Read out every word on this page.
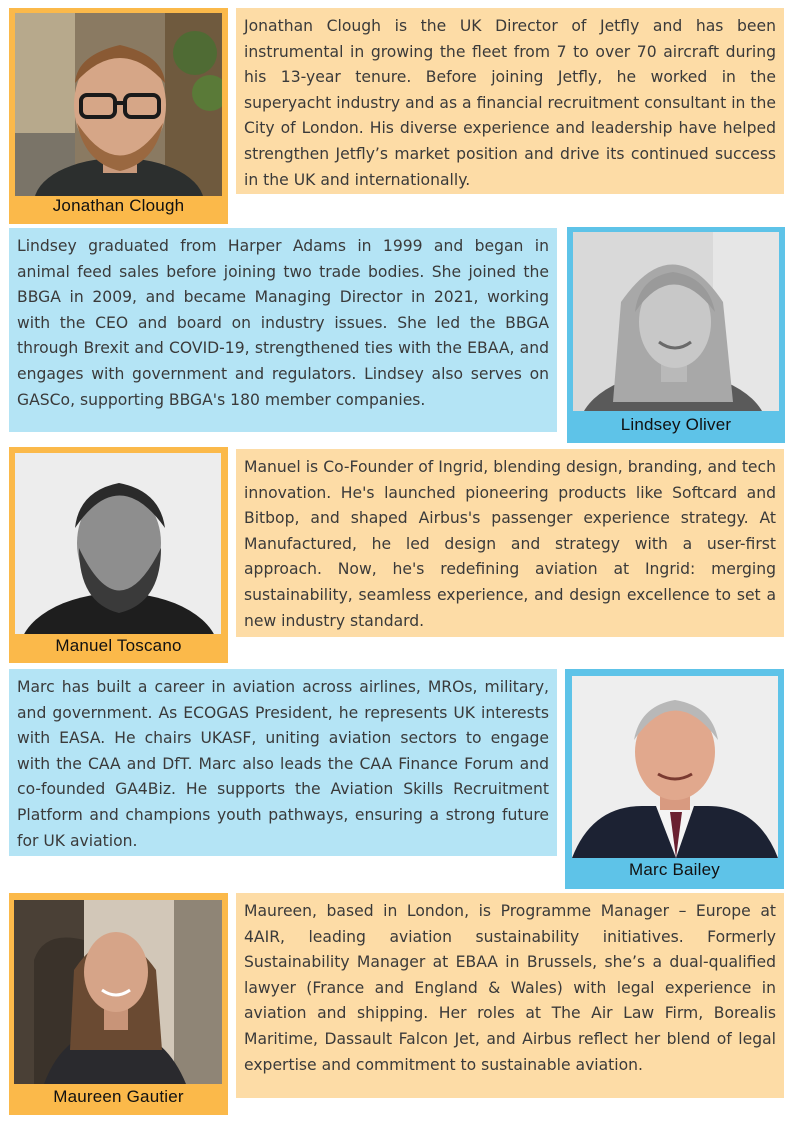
Jonathan Clough
Jonathan Clough is the UK Director of Jetfly and has been instrumental in growing the fleet from 7 to over 70 aircraft during his 13-year tenure. Before joining Jetfly, he worked in the superyacht industry and as a financial recruitment consultant in the City of London. His diverse experience and leadership have helped strengthen Jetfly’s market position and drive its continued success in the UK and internationally.
Lindsey graduated from Harper Adams in 1999 and began in animal feed sales before joining two trade bodies. She joined the BBGA in 2009, and became Managing Director in 2021, working with the CEO and board on industry issues. She led the BBGA through Brexit and COVID-19, strengthened ties with the EBAA, and engages with government and regulators. Lindsey also serves on GASCo, supporting BBGA's 180 member companies.
Lindsey Oliver
Manuel Toscano
Manuel is Co-Founder of Ingrid, blending design, branding, and tech innovation. He's launched pioneering products like Softcard and Bitbop, and shaped Airbus's passenger experience strategy. At Manufactured, he led design and strategy with a user-first approach. Now, he's redefining aviation at Ingrid: merging sustainability, seamless experience, and design excellence to set a new industry standard.
Marc has built a career in aviation across airlines, MROs, military, and government. As ECOGAS President, he represents UK interests with EASA. He chairs UKASF, uniting aviation sectors to engage with the CAA and DfT. Marc also leads the CAA Finance Forum and co-founded GA4Biz. He supports the Aviation Skills Recruitment Platform and champions youth pathways, ensuring a strong future for UK aviation.
Marc Bailey
Maureen Gautier
Maureen, based in London, is Programme Manager – Europe at 4AIR, leading aviation sustainability initiatives. Formerly Sustainability Manager at EBAA in Brussels, she’s a dual-qualified lawyer (France and England & Wales) with legal experience in aviation and shipping. Her roles at The Air Law Firm, Borealis Maritime, Dassault Falcon Jet, and Airbus reflect her blend of legal expertise and commitment to sustainable aviation.
